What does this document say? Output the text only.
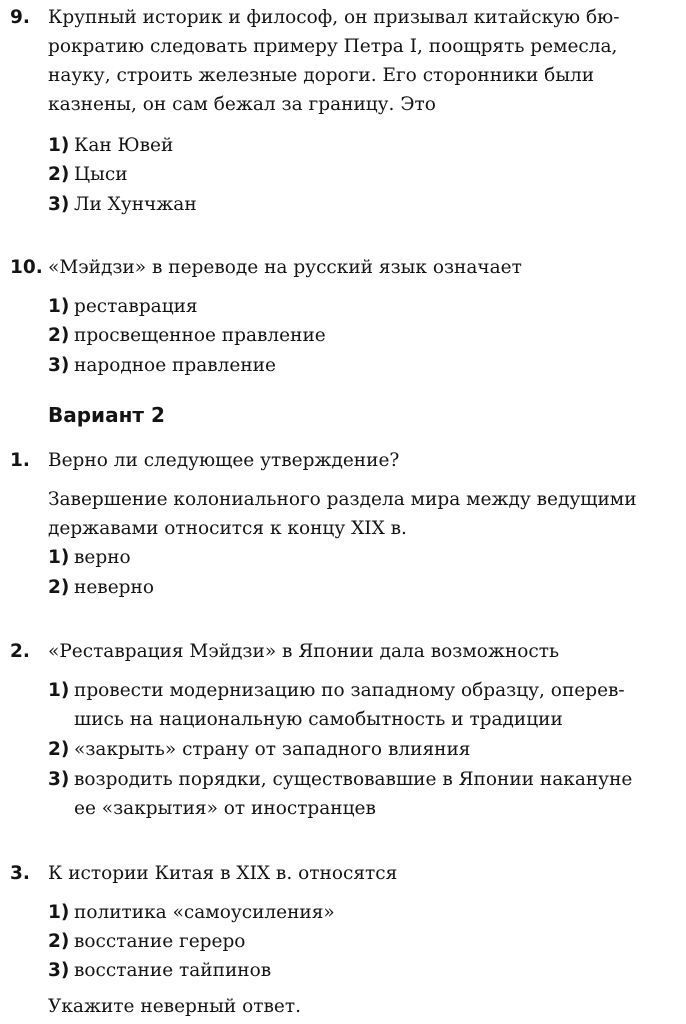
9. Крупный историк и философ, он призывал китайскую бю-
рократию следовать примеру Петра I, поощрять ремесла,
науку, строить железные дороги. Его сторонники были
казнены, он сам бежал за границу. Это
1) Кан Ювей
2) Цыси
3) Ли Хунчжан
10. «Мэйдзи» в переводе на русский язык означает
1) реставрация
2) просвещенное правление
3) народное правление
Вариант 2
1. Верно ли следующее утверждение?
Завершение колониального раздела мира между ведущими
державами относится к концу XIX в.
1) верно
2) неверно
2. «Реставрация Мэйдзи» в Японии дала возможность
1) провести модернизацию по западному образцу, оперев-
шись на национальную самобытность и традиции
2) «закрыть» страну от западного влияния
3) возродить порядки, существовавшие в Японии накануне
ее «закрытия» от иностранцев
3. К истории Китая в XIX в. относятся
1) политика «самоусиления»
2) восстание гереро
3) восстание тайпинов
Укажите неверный ответ.
